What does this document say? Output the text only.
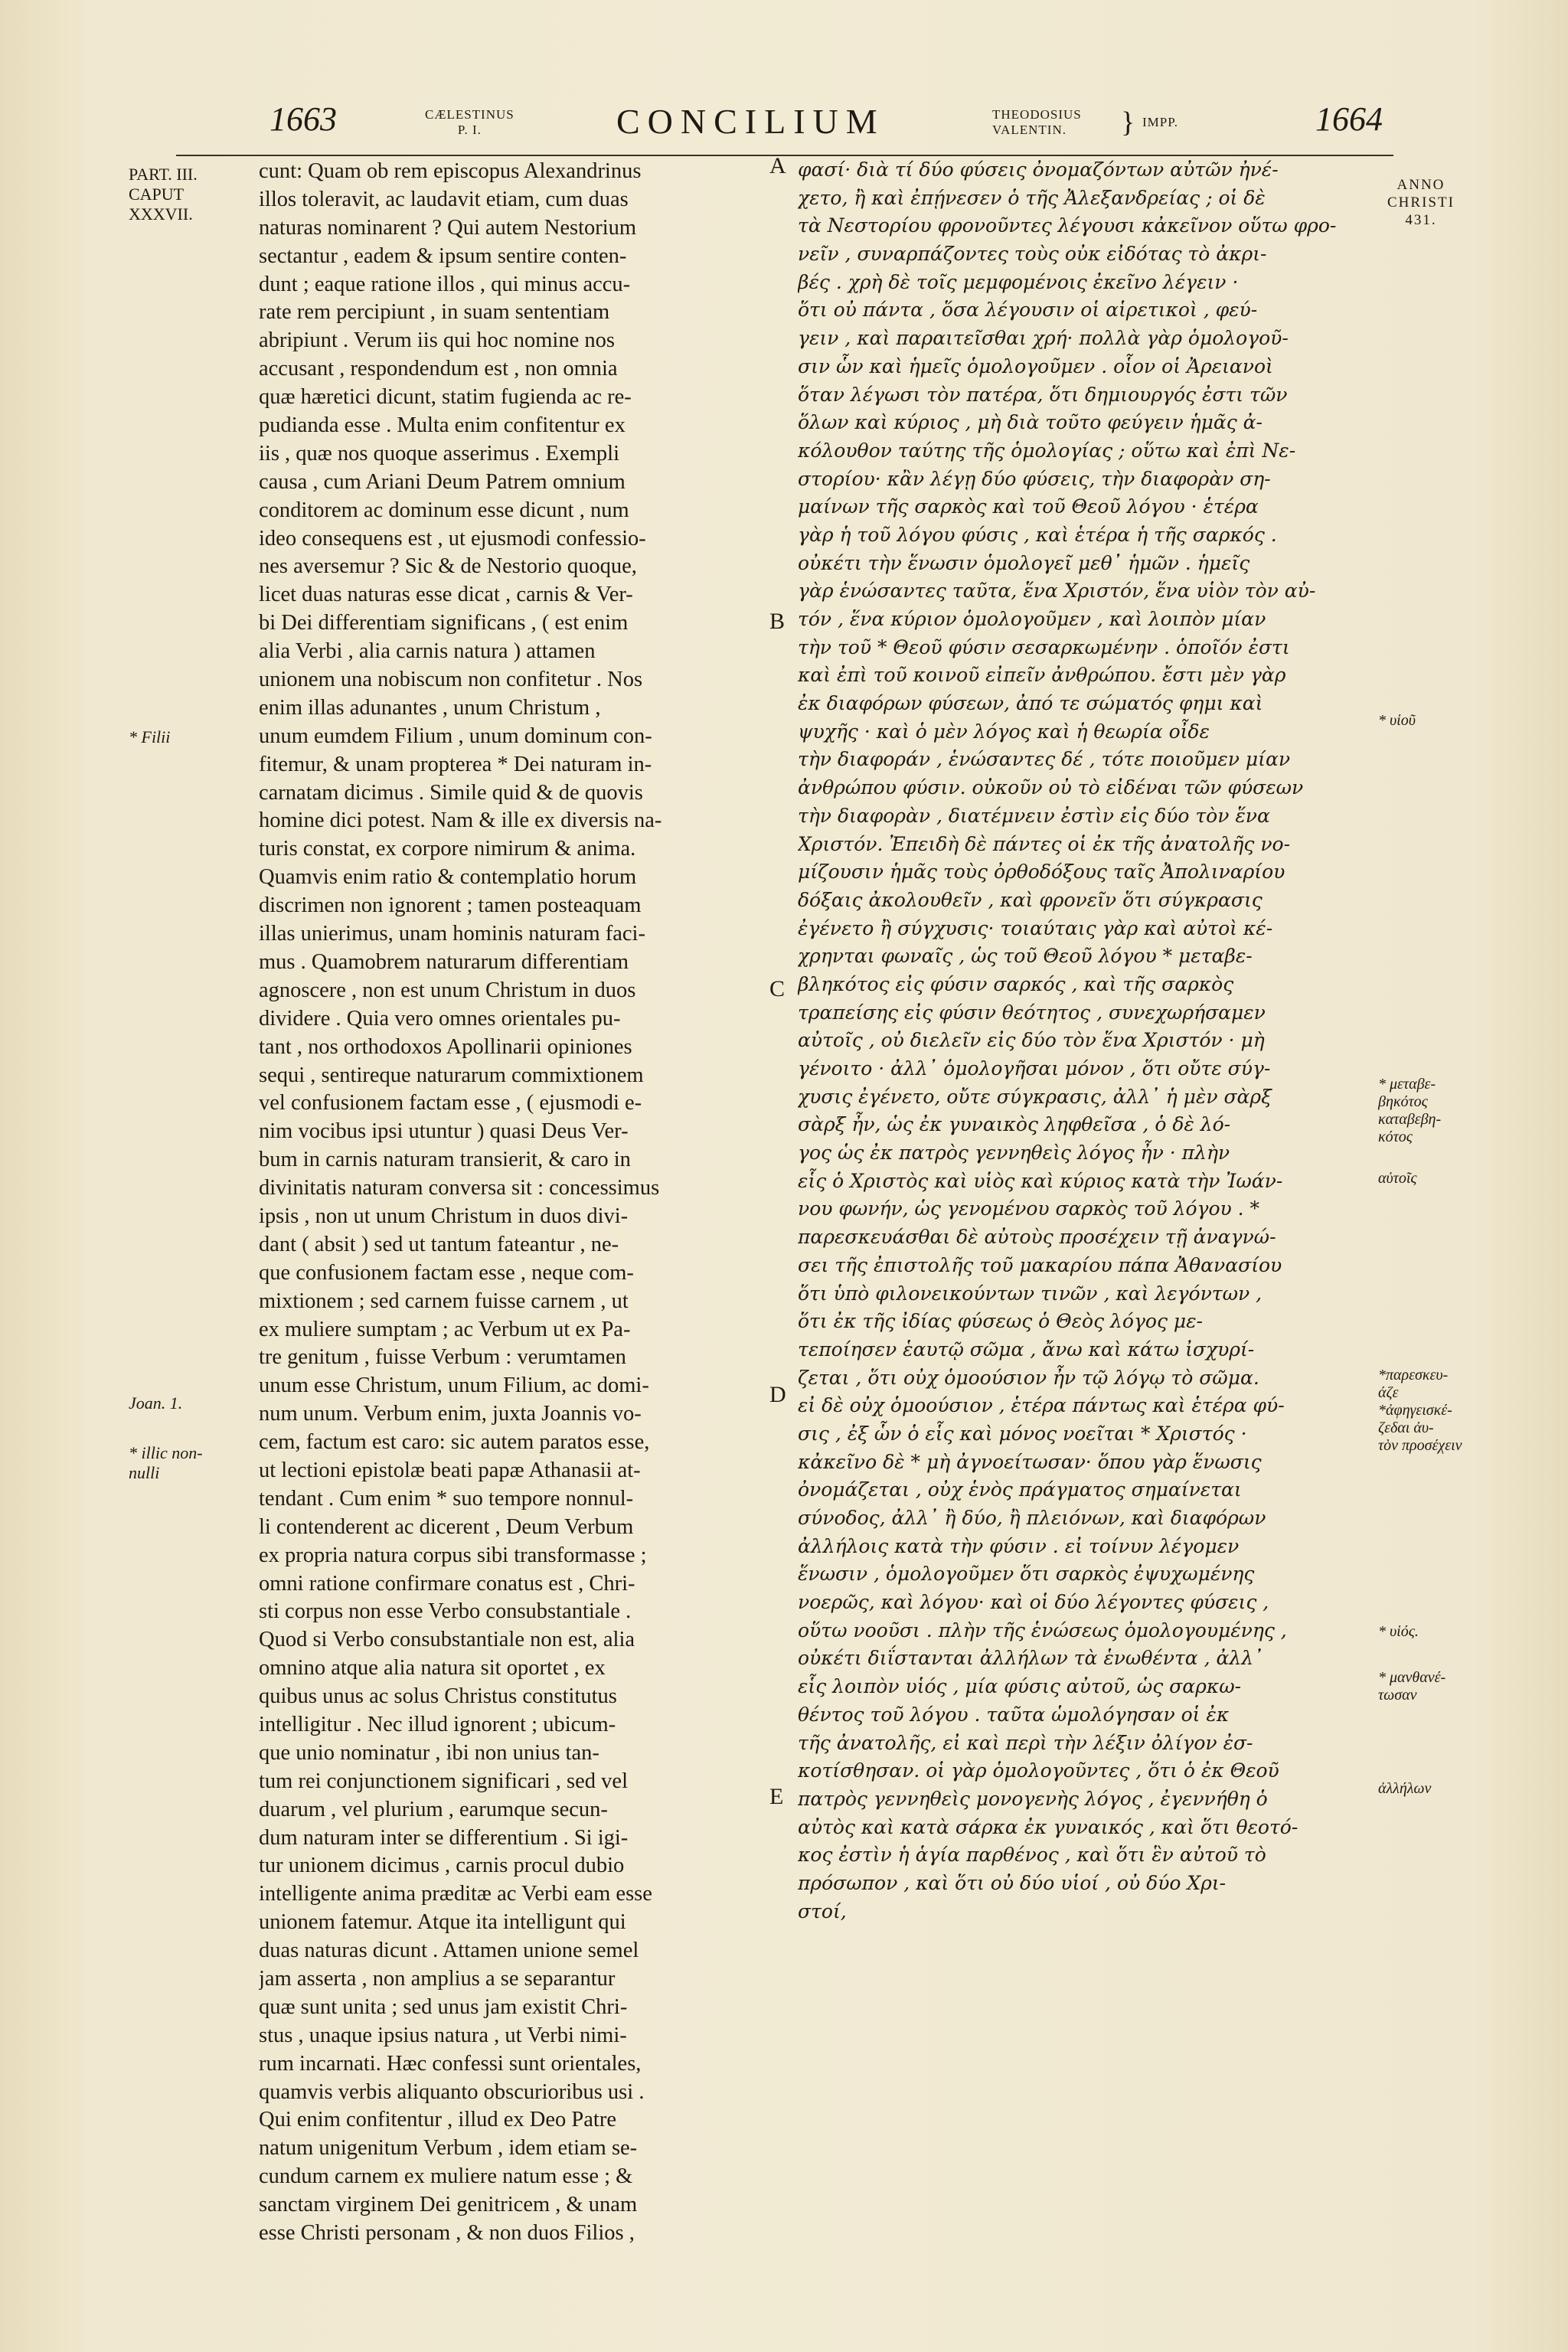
1663	CÆLESTINUS
P. I.	CONCILIUM	THEODOSIUS
VALENTIN.	} IMPP.	1664
PART. III.
CAPUT
XXXVII.
* Filii
Joan. 1.
* illic non-
nulli
ANNO
CHRISTI
431.
* υἱοῦ
* μεταβε-
βηκότος
καταβεβη-
κότος
αὐτοῖς
*παρεσκευ-
άζε
*ἀφηγεισκέ-
ζεδαι ἀυ-
τὸν προσέχειν
* υἱός.
* μανθανέ-
τωσαν
ἀλλήλων
A
B
C
D
E
cunt: Quam ob rem episcopus Alexandrinus
illos toleravit, ac laudavit etiam, cum duas
naturas nominarent ? Qui autem Nestorium
sectantur , eadem & ipsum sentire conten-
dunt ; eaque ratione illos , qui minus accu-
rate rem percipiunt , in suam sententiam
abripiunt . Verum iis qui hoc nomine nos
accusant , respondendum est , non omnia
quæ hæretici dicunt, statim fugienda ac re-
pudianda esse . Multa enim confitentur ex
iis , quæ nos quoque asserimus . Exempli
causa , cum Ariani Deum Patrem omnium
conditorem ac dominum esse dicunt , num
ideo consequens est , ut ejusmodi confessio-
nes aversemur ? Sic & de Nestorio quoque,
licet duas naturas esse dicat , carnis & Ver-
bi Dei differentiam significans , ( est enim
alia Verbi , alia carnis natura ) attamen
unionem una nobiscum non confitetur . Nos
enim illas adunantes , unum Christum ,
unum eumdem Filium , unum dominum con-
fitemur, & unam propterea * Dei naturam in-
carnatam dicimus . Simile quid & de quovis
homine dici potest. Nam & ille ex diversis na-
turis constat, ex corpore nimirum & anima.
Quamvis enim ratio & contemplatio horum
discrimen non ignorent ; tamen posteaquam
illas unierimus, unam hominis naturam faci-
mus . Quamobrem naturarum differentiam
agnoscere , non est unum Christum in duos
dividere . Quia vero omnes orientales pu-
tant , nos orthodoxos Apollinarii opiniones
sequi , sentireque naturarum commixtionem
vel confusionem factam esse , ( ejusmodi e-
nim vocibus ipsi utuntur ) quasi Deus Ver-
bum in carnis naturam transierit, & caro in
divinitatis naturam conversa sit : concessimus
ipsis , non ut unum Christum in duos divi-
dant ( absit ) sed ut tantum fateantur , ne-
que confusionem factam esse , neque com-
mixtionem ; sed carnem fuisse carnem , ut
ex muliere sumptam ; ac Verbum ut ex Pa-
tre genitum , fuisse Verbum : verumtamen
unum esse Christum, unum Filium, ac domi-
num unum. Verbum enim, juxta Joannis vo-
cem, factum est caro: sic autem paratos esse,
ut lectioni epistolæ beati papæ Athanasii at-
tendant . Cum enim * suo tempore nonnul-
li contenderent ac dicerent , Deum Verbum
ex propria natura corpus sibi transformasse ;
omni ratione confirmare conatus est , Chri-
sti corpus non esse Verbo consubstantiale .
Quod si Verbo consubstantiale non est, alia
omnino atque alia natura sit oportet , ex
quibus unus ac solus Christus constitutus
intelligitur . Nec illud ignorent ; ubicum-
que unio nominatur , ibi non unius tan-
tum rei conjunctionem significari , sed vel
duarum , vel plurium , earumque secun-
dum naturam inter se differentium . Si igi-
tur unionem dicimus , carnis procul dubio
intelligente anima præditæ ac Verbi eam esse
unionem fatemur. Atque ita intelligunt qui
duas naturas dicunt . Attamen unione semel
jam asserta , non amplius a se separantur
quæ sunt unita ; sed unus jam existit Chri-
stus , unaque ipsius natura , ut Verbi nimi-
rum incarnati. Hæc confessi sunt orientales,
quamvis verbis aliquanto obscurioribus usi .
Qui enim confitentur , illud ex Deo Patre
natum unigenitum Verbum , idem etiam se-
cundum carnem ex muliere natum esse ; &
sanctam virginem Dei genitricem , & unam
esse Christi personam , & non duos Filios ,
φασί· διὰ τί δύο φύσεις ὀνομαζόντων αὐτῶν ἠνέ-
χετο, ἢ καὶ ἐπῄνεσεν ὁ τῆς Ἀλεξανδρείας ; οἱ δὲ
τὰ Νεστορίου φρονοῦντες λέγουσι κἀκεῖνον οὕτω φρο-
νεῖν , συναρπάζοντες τοὺς οὐκ εἰδότας τὸ ἀκρι-
βές . χρὴ δὲ τοῖς μεμφομένοις ἐκεῖνο λέγειν ·
ὅτι οὐ πάντα , ὅσα λέγουσιν οἱ αἱρετικοὶ , φεύ-
γειν , καὶ παραιτεῖσθαι χρή· πολλὰ γὰρ ὁμολογοῦ-
σιν ὧν καὶ ἡμεῖς ὁμολογοῦμεν . οἷον οἱ Ἀρειανοὶ
ὅταν λέγωσι τὸν πατέρα, ὅτι δημιουργός ἐστι τῶν
ὅλων καὶ κύριος , μὴ διὰ τοῦτο φεύγειν ἡμᾶς ἀ-
κόλουθον ταύτης τῆς ὁμολογίας ; οὕτω καὶ ἐπὶ Νε-
στορίου· κἂν λέγῃ δύο φύσεις, τὴν διαφορὰν ση-
μαίνων τῆς σαρκὸς καὶ τοῦ Θεοῦ λόγου · ἑτέρα
γὰρ ἡ τοῦ λόγου φύσις , καὶ ἑτέρα ἡ τῆς σαρκός .
οὐκέτι τὴν ἕνωσιν ὁμολογεῖ μεθ᾽ ἡμῶν . ἡμεῖς
γὰρ ἑνώσαντες ταῦτα, ἕνα Χριστόν, ἕνα υἱὸν τὸν αὐ-
τόν , ἕνα κύριον ὁμολογοῦμεν , καὶ λοιπὸν μίαν
τὴν τοῦ * Θεοῦ φύσιν σεσαρκωμένην . ὁποῖόν ἐστι
καὶ ἐπὶ τοῦ κοινοῦ εἰπεῖν ἀνθρώπου. ἔστι μὲν γὰρ
ἐκ διαφόρων φύσεων, ἀπό τε σώματός φημι καὶ
ψυχῆς · καὶ ὁ μὲν λόγος καὶ ἡ θεωρία οἶδε
τὴν διαφοράν , ἑνώσαντες δέ , τότε ποιοῦμεν μίαν
ἀνθρώπου φύσιν. οὐκοῦν οὐ τὸ εἰδέναι τῶν φύσεων
τὴν διαφορὰν , διατέμνειν ἐστὶν εἰς δύο τὸν ἕνα
Χριστόν. Ἐπειδὴ δὲ πάντες οἱ ἐκ τῆς ἀνατολῆς νο-
μίζουσιν ἡμᾶς τοὺς ὀρθοδόξους ταῖς Ἀπολιναρίου
δόξαις ἀκολουθεῖν , καὶ φρονεῖν ὅτι σύγκρασις
ἐγένετο ἢ σύγχυσις· τοιαύταις γὰρ καὶ αὐτοὶ κέ-
χρηνται φωναῖς , ὡς τοῦ Θεοῦ λόγου * μεταβε-
βληκότος εἰς φύσιν σαρκός , καὶ τῆς σαρκὸς
τραπείσης εἰς φύσιν θεότητος , συνεχωρήσαμεν
αὐτοῖς , οὐ διελεῖν εἰς δύο τὸν ἕνα Χριστόν · μὴ
γένοιτο · ἀλλ᾽ ὁμολογῆσαι μόνον , ὅτι οὔτε σύγ-
χυσις ἐγένετο, οὔτε σύγκρασις, ἀλλ᾽ ἡ μὲν σὰρξ
σὰρξ ἦν, ὡς ἐκ γυναικὸς ληφθεῖσα , ὁ δὲ λό-
γος ὡς ἐκ πατρὸς γεννηθεὶς λόγος ἦν · πλὴν
εἷς ὁ Χριστὸς καὶ υἱὸς καὶ κύριος κατὰ τὴν Ἰωάν-
νου φωνήν, ὡς γενομένου σαρκὸς τοῦ λόγου . *
παρεσκευάσθαι δὲ αὐτοὺς προσέχειν τῇ ἀναγνώ-
σει τῆς ἐπιστολῆς τοῦ μακαρίου πάπα Ἀθανασίου
ὅτι ὑπὸ φιλονεικούντων τινῶν , καὶ λεγόντων ,
ὅτι ἐκ τῆς ἰδίας φύσεως ὁ Θεὸς λόγος με-
τεποίησεν ἑαυτῷ σῶμα , ἄνω καὶ κάτω ἰσχυρί-
ζεται , ὅτι οὐχ ὁμοούσιον ἦν τῷ λόγῳ τὸ σῶμα.
εἰ δὲ οὐχ ὁμοούσιον , ἑτέρα πάντως καὶ ἑτέρα φύ-
σις , ἐξ ὧν ὁ εἷς καὶ μόνος νοεῖται * Χριστός ·
κἀκεῖνο δὲ * μὴ ἀγνοείτωσαν· ὅπου γὰρ ἕνωσις
ὀνομάζεται , οὐχ ἑνὸς πράγματος σημαίνεται
σύνοδος, ἀλλ᾽ ἢ δύο, ἢ πλειόνων, καὶ διαφόρων
ἀλλήλοις κατὰ τὴν φύσιν . εἰ τοίνυν λέγομεν
ἕνωσιν , ὁμολογοῦμεν ὅτι σαρκὸς ἐψυχωμένης
νοερῶς, καὶ λόγου· καὶ οἱ δύο λέγοντες φύσεις ,
οὕτω νοοῦσι . πλὴν τῆς ἑνώσεως ὁμολογουμένης ,
οὐκέτι διΐστανται ἀλλήλων τὰ ἑνωθέντα , ἀλλ᾽
εἷς λοιπὸν υἱός , μία φύσις αὐτοῦ, ὡς σαρκω-
θέντος τοῦ λόγου . ταῦτα ὡμολόγησαν οἱ ἐκ
τῆς ἀνατολῆς, εἰ καὶ περὶ τὴν λέξιν ὀλίγον ἐσ-
κοτίσθησαν. οἱ γὰρ ὁμολογοῦντες , ὅτι ὁ ἐκ Θεοῦ
πατρὸς γεννηθεὶς μονογενὴς λόγος , ἐγεννήθη ὁ
αὐτὸς καὶ κατὰ σάρκα ἐκ γυναικός , καὶ ὅτι θεοτό-
κος ἐστὶν ἡ ἁγία παρθένος , καὶ ὅτι ἓν αὐτοῦ τὸ
πρόσωπον , καὶ ὅτι οὐ δύο υἱοί , οὐ δύο Χρι-
στοί,
